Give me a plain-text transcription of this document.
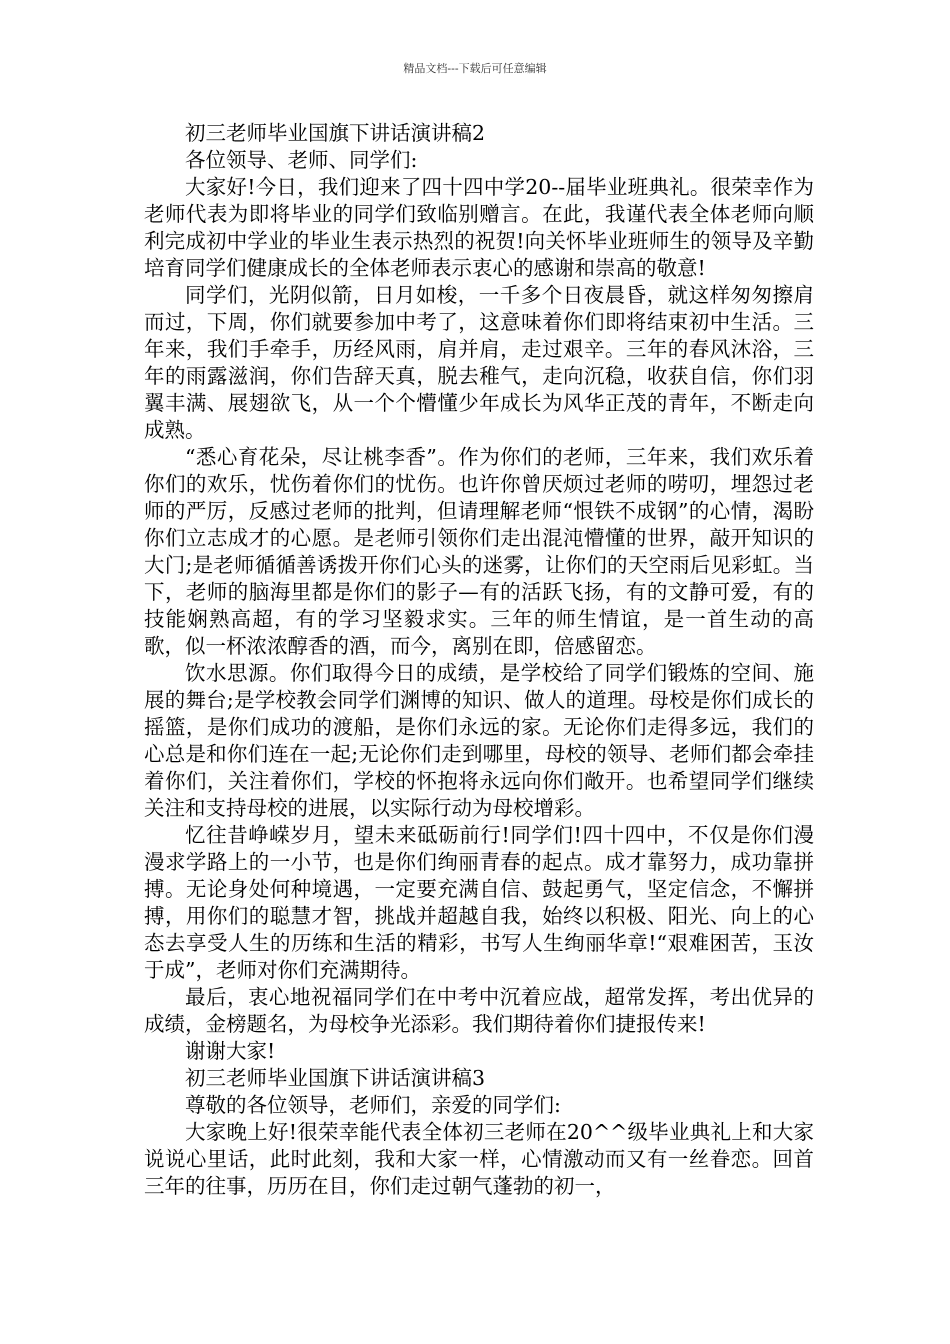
精品文档---下载后可任意编辑

初三老师毕业国旗下讲话演讲稿2

各位领导、老师、同学们:

大家好!今日，我们迎来了四十四中学20--届毕业班典礼。很荣幸作为老师代表为即将毕业的同学们致临别赠言。在此，我谨代表全体老师向顺利完成初中学业的毕业生表示热烈的祝贺!向关怀毕业班师生的领导及辛勤培育同学们健康成长的全体老师表示衷心的感谢和崇高的敬意!

同学们，光阴似箭，日月如梭，一千多个日夜晨昏，就这样匆匆擦肩而过，下周，你们就要参加中考了，这意味着你们即将结束初中生活。三年来，我们手牵手，历经风雨，肩并肩，走过艰辛。三年的春风沐浴，三年的雨露滋润，你们告辞天真，脱去稚气，走向沉稳，收获自信，你们羽翼丰满、展翅欲飞，从一个个懵懂少年成长为风华正茂的青年，不断走向成熟。

“悉心育花朵，尽让桃李香”。作为你们的老师，三年来，我们欢乐着你们的欢乐，忧伤着你们的忧伤。也许你曾厌烦过老师的唠叨，埋怨过老师的严厉，反感过老师的批判，但请理解老师“恨铁不成钢”的心情，渴盼你们立志成才的心愿。是老师引领你们走出混沌懵懂的世界，敲开知识的大门;是老师循循善诱拨开你们心头的迷雾，让你们的天空雨后见彩虹。当下，老师的脑海里都是你们的影子—有的活跃飞扬，有的文静可爱，有的技能娴熟高超，有的学习坚毅求实。三年的师生情谊，是一首生动的高歌，似一杯浓浓醇香的酒，而今，离别在即，倍感留恋。

饮水思源。你们取得今日的成绩，是学校给了同学们锻炼的空间、施展的舞台;是学校教会同学们渊博的知识、做人的道理。母校是你们成长的摇篮，是你们成功的渡船，是你们永远的家。无论你们走得多远，我们的心总是和你们连在一起;无论你们走到哪里，母校的领导、老师们都会牵挂着你们，关注着你们，学校的怀抱将永远向你们敞开。也希望同学们继续关注和支持母校的进展，以实际行动为母校增彩。

忆往昔峥嵘岁月，望未来砥砺前行!同学们!四十四中，不仅是你们漫漫求学路上的一小节，也是你们绚丽青春的起点。成才靠努力，成功靠拼搏。无论身处何种境遇，一定要充满自信、鼓起勇气，坚定信念，不懈拼搏，用你们的聪慧才智，挑战并超越自我，始终以积极、阳光、向上的心态去享受人生的历练和生活的精彩，书写人生绚丽华章!“艰难困苦，玉汝于成”，老师对你们充满期待。

最后，衷心地祝福同学们在中考中沉着应战，超常发挥，考出优异的成绩，金榜题名，为母校争光添彩。我们期待着你们捷报传来!

谢谢大家!

初三老师毕业国旗下讲话演讲稿3

尊敬的各位领导，老师们，亲爱的同学们:

大家晚上好!很荣幸能代表全体初三老师在20^^级毕业典礼上和大家说说心里话，此时此刻，我和大家一样，心情激动而又有一丝眷恋。回首三年的往事，历历在目，你们走过朝气蓬勃的初一，
